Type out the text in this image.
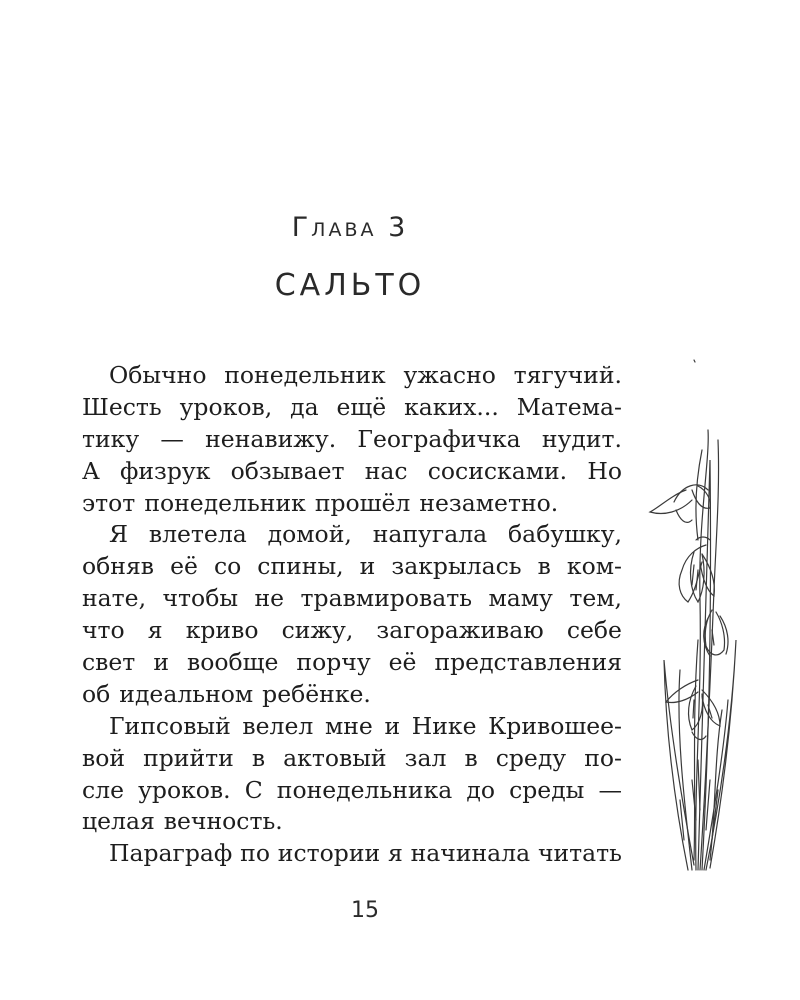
Глава 3
САЛЬТО
Обычно понедельник ужасно тягучий.
Шесть уроков, да ещё каких... Матема-
тику — ненавижу. Географичка нудит.
А физрук обзывает нас сосисками. Но
этот понедельник прошёл незаметно.
Я влетела домой, напугала бабушку,
обняв её со спины, и закрылась в ком-
нате, чтобы не травмировать маму тем,
что я криво сижу, загораживаю себе
свет и вообще порчу её представления
об идеальном ребёнке.
Гипсовый велел мне и Нике Кривошее-
вой прийти в актовый зал в среду по-
сле уроков. С понедельника до среды —
целая вечность.
Параграф по истории я начинала читать
15
